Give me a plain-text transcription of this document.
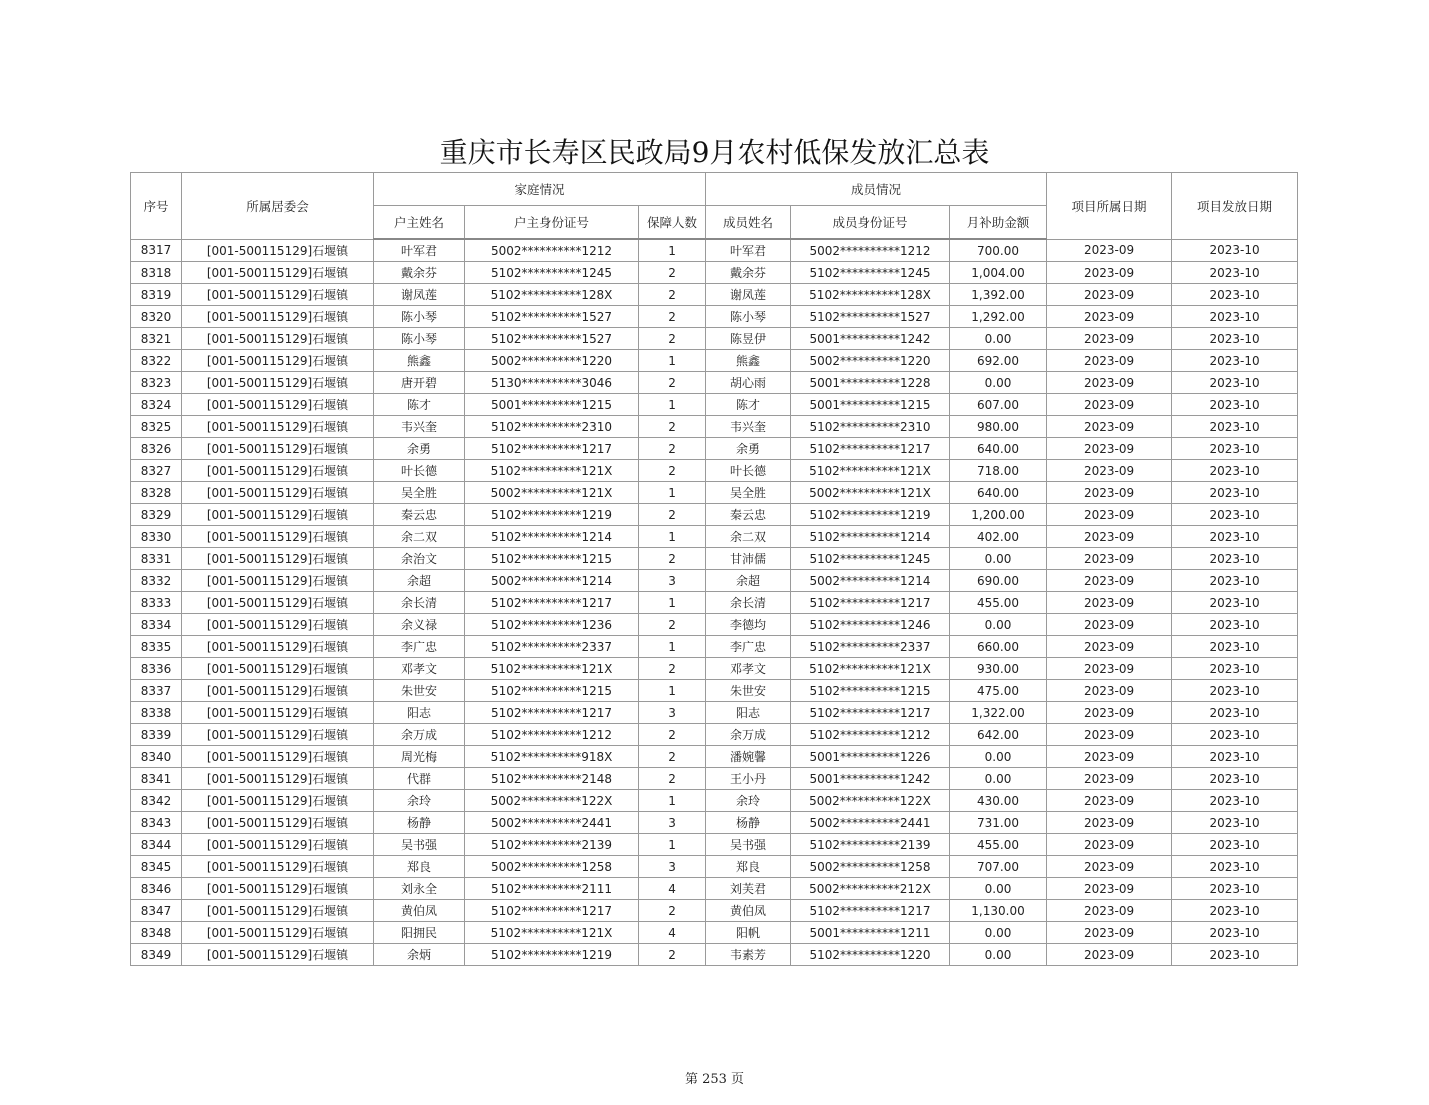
重庆市长寿区民政局9月农村低保发放汇总表
序号	所属居委会	家庭情况			成员情况			项目所属日期	项目发放日期
		户主姓名	户主身份证号	保障人数	成员姓名	成员身份证号	月补助金额		
8317	[001-500115129]石堰镇	叶军君	5002**********1212	1	叶军君	5002**********1212	700.00	2023-09	2023-10
8318	[001-500115129]石堰镇	戴余芬	5102**********1245	2	戴余芬	5102**********1245	1,004.00	2023-09	2023-10
8319	[001-500115129]石堰镇	谢凤莲	5102**********128X	2	谢凤莲	5102**********128X	1,392.00	2023-09	2023-10
8320	[001-500115129]石堰镇	陈小琴	5102**********1527	2	陈小琴	5102**********1527	1,292.00	2023-09	2023-10
8321	[001-500115129]石堰镇	陈小琴	5102**********1527	2	陈昱伊	5001**********1242	0.00	2023-09	2023-10
8322	[001-500115129]石堰镇	熊鑫	5002**********1220	1	熊鑫	5002**********1220	692.00	2023-09	2023-10
8323	[001-500115129]石堰镇	唐开碧	5130**********3046	2	胡心雨	5001**********1228	0.00	2023-09	2023-10
8324	[001-500115129]石堰镇	陈才	5001**********1215	1	陈才	5001**********1215	607.00	2023-09	2023-10
8325	[001-500115129]石堰镇	韦兴奎	5102**********2310	2	韦兴奎	5102**********2310	980.00	2023-09	2023-10
8326	[001-500115129]石堰镇	余勇	5102**********1217	2	余勇	5102**********1217	640.00	2023-09	2023-10
8327	[001-500115129]石堰镇	叶长德	5102**********121X	2	叶长德	5102**********121X	718.00	2023-09	2023-10
8328	[001-500115129]石堰镇	吴全胜	5002**********121X	1	吴全胜	5002**********121X	640.00	2023-09	2023-10
8329	[001-500115129]石堰镇	秦云忠	5102**********1219	2	秦云忠	5102**********1219	1,200.00	2023-09	2023-10
8330	[001-500115129]石堰镇	余二双	5102**********1214	1	余二双	5102**********1214	402.00	2023-09	2023-10
8331	[001-500115129]石堰镇	余治文	5102**********1215	2	甘沛儒	5102**********1245	0.00	2023-09	2023-10
8332	[001-500115129]石堰镇	余超	5002**********1214	3	余超	5002**********1214	690.00	2023-09	2023-10
8333	[001-500115129]石堰镇	余长清	5102**********1217	1	余长清	5102**********1217	455.00	2023-09	2023-10
8334	[001-500115129]石堰镇	余义禄	5102**********1236	2	李德均	5102**********1246	0.00	2023-09	2023-10
8335	[001-500115129]石堰镇	李广忠	5102**********2337	1	李广忠	5102**********2337	660.00	2023-09	2023-10
8336	[001-500115129]石堰镇	邓孝文	5102**********121X	2	邓孝文	5102**********121X	930.00	2023-09	2023-10
8337	[001-500115129]石堰镇	朱世安	5102**********1215	1	朱世安	5102**********1215	475.00	2023-09	2023-10
8338	[001-500115129]石堰镇	阳志	5102**********1217	3	阳志	5102**********1217	1,322.00	2023-09	2023-10
8339	[001-500115129]石堰镇	余万成	5102**********1212	2	余万成	5102**********1212	642.00	2023-09	2023-10
8340	[001-500115129]石堰镇	周光梅	5102**********918X	2	潘婉馨	5001**********1226	0.00	2023-09	2023-10
8341	[001-500115129]石堰镇	代群	5102**********2148	2	王小丹	5001**********1242	0.00	2023-09	2023-10
8342	[001-500115129]石堰镇	余玲	5002**********122X	1	余玲	5002**********122X	430.00	2023-09	2023-10
8343	[001-500115129]石堰镇	杨静	5002**********2441	3	杨静	5002**********2441	731.00	2023-09	2023-10
8344	[001-500115129]石堰镇	吴书强	5102**********2139	1	吴书强	5102**********2139	455.00	2023-09	2023-10
8345	[001-500115129]石堰镇	郑良	5002**********1258	3	郑良	5002**********1258	707.00	2023-09	2023-10
8346	[001-500115129]石堰镇	刘永全	5102**********2111	4	刘芙君	5002**********212X	0.00	2023-09	2023-10
8347	[001-500115129]石堰镇	黄伯凤	5102**********1217	2	黄伯凤	5102**********1217	1,130.00	2023-09	2023-10
8348	[001-500115129]石堰镇	阳拥民	5102**********121X	4	阳帆	5001**********1211	0.00	2023-09	2023-10
8349	[001-500115129]石堰镇	余炳	5102**********1219	2	韦素芳	5102**********1220	0.00	2023-09	2023-10
第 253 页
